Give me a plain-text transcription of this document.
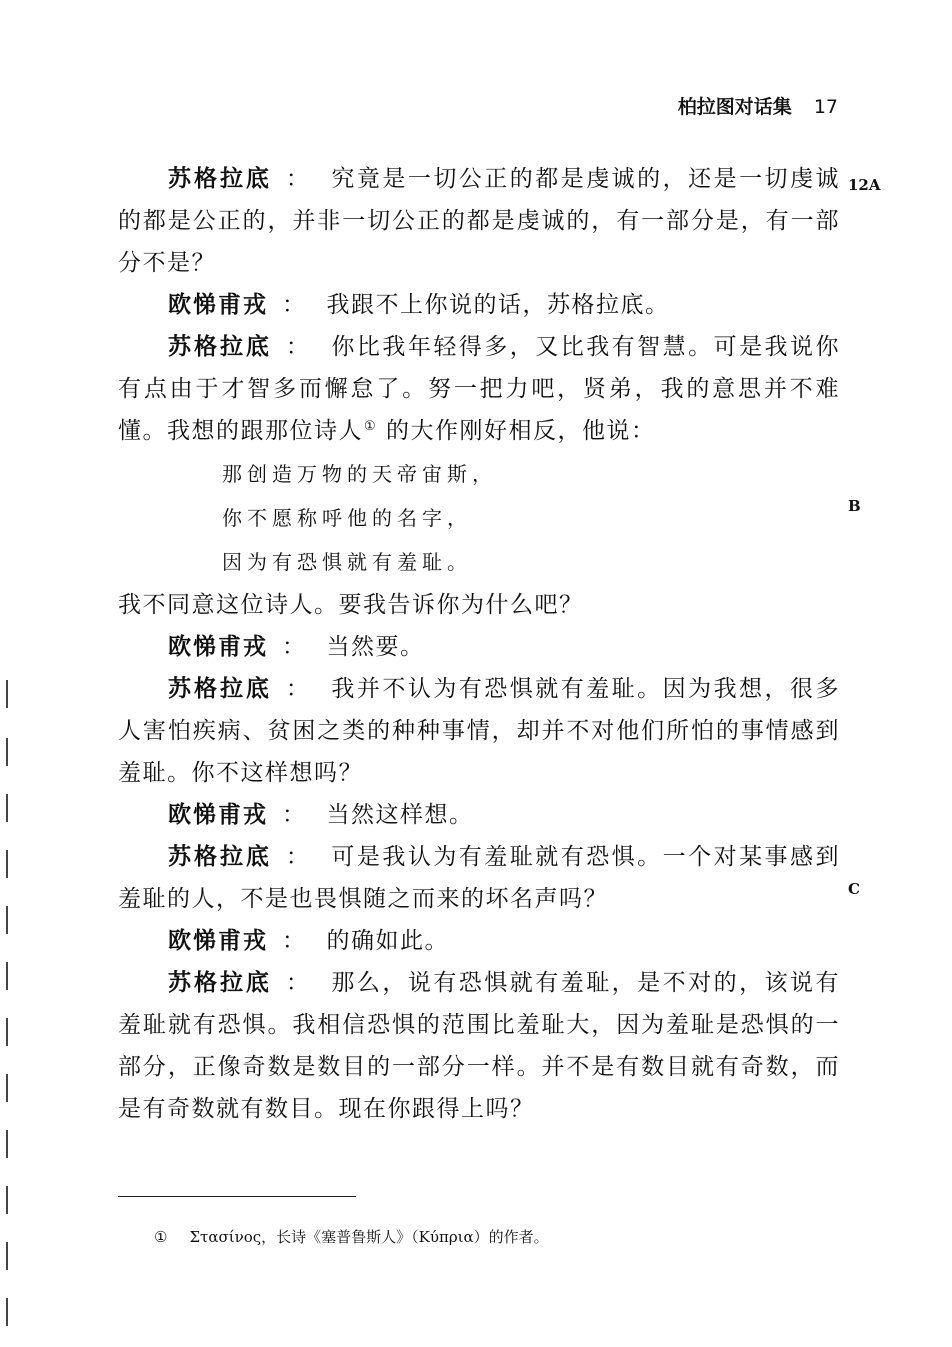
柏拉图对话集 17
12A
B
C

苏格拉底 ： 究竟是一切公正的都是虔诚的，还是一切虔诚的都是公正的，并非一切公正的都是虔诚的，有一部分是，有一部分不是？

欧悌甫戎 ： 我跟不上你说的话，苏格拉底。

苏格拉底 ： 你比我年轻得多，又比我有智慧。可是我说你有点由于才智多而懈怠了。努一把力吧，贤弟，我的意思并不难懂。我想的跟那位诗人① 的大作刚好相反，他说：

那创造万物的天帝宙斯，
你不愿称呼他的名字，
因为有恐惧就有羞耻。

我不同意这位诗人。要我告诉你为什么吧？

欧悌甫戎 ： 当然要。

苏格拉底 ： 我并不认为有恐惧就有羞耻。因为我想，很多人害怕疾病、贫困之类的种种事情，却并不对他们所怕的事情感到羞耻。你不这样想吗？

欧悌甫戎 ： 当然这样想。

苏格拉底 ： 可是我认为有羞耻就有恐惧。一个对某事感到羞耻的人，不是也畏惧随之而来的坏名声吗？

欧悌甫戎 ： 的确如此。

苏格拉底 ： 那么，说有恐惧就有羞耻，是不对的，该说有羞耻就有恐惧。我相信恐惧的范围比羞耻大，因为羞耻是恐惧的一部分，正像奇数是数目的一部分一样。并不是有数目就有奇数，而是有奇数就有数目。现在你跟得上吗？

① Στασίνος，长诗《塞普鲁斯人》（Κύπρια）的作者。
